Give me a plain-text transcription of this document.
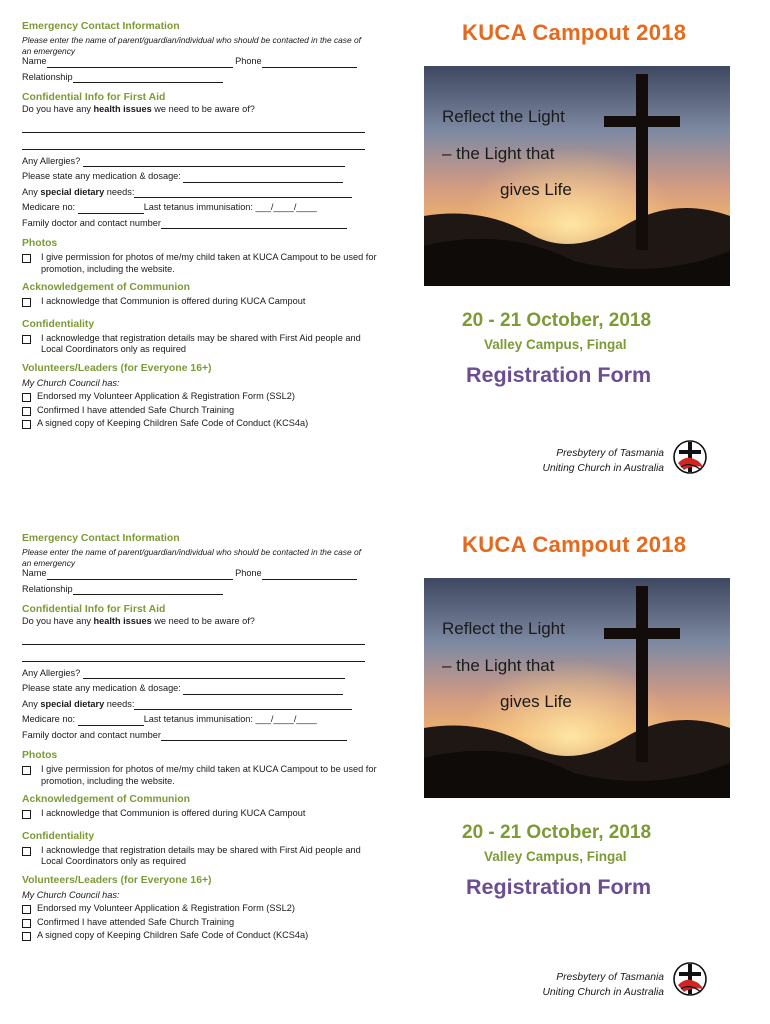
Emergency Contact Information

Please enter the name of parent/guardian/individual who should be contacted in the case of an emergency

Name	Phone

Relationship

Confidential Info for First Aid

Do you have any health issues we need to be aware of?

Any Allergies?

Please state any medication & dosage:

Any special dietary needs:

Medicare no:	Last tetanus immunisation: ___/____/____

Family doctor and contact number

Photos

I give permission for photos of me/my child taken at KUCA Campout to be used for promotion, including the website.

Acknowledgement of Communion

I acknowledge that Communion is offered during KUCA Campout

Confidentiality

I acknowledge that registration details may be shared with First Aid people and Local Coordinators only as required

Volunteers/Leaders (for Everyone 16+)

My Church Council has:

Endorsed my Volunteer Application & Registration Form (SSL2)
Confirmed I have attended Safe Church Training
A signed copy of Keeping Children Safe Code of Conduct (KCS4a)

KUCA Campout 2018

Reflect the Light
– the Light that
gives Life

20 - 21 October, 2018

Valley Campus, Fingal

Registration Form

Presbytery of Tasmania
Uniting Church in Australia

Emergency Contact Information

Please enter the name of parent/guardian/individual who should be contacted in the case of an emergency

Name	Phone

Relationship

Confidential Info for First Aid

Do you have any health issues we need to be aware of?

Any Allergies?

Please state any medication & dosage:

Any special dietary needs:

Medicare no:	Last tetanus immunisation: ___/____/____

Family doctor and contact number

Photos

I give permission for photos of me/my child taken at KUCA Campout to be used for promotion, including the website.

Acknowledgement of Communion

I acknowledge that Communion is offered during KUCA Campout

Confidentiality

I acknowledge that registration details may be shared with First Aid people and Local Coordinators only as required

Volunteers/Leaders (for Everyone 16+)

My Church Council has:

Endorsed my Volunteer Application & Registration Form (SSL2)
Confirmed I have attended Safe Church Training
A signed copy of Keeping Children Safe Code of Conduct (KCS4a)

KUCA Campout 2018

Reflect the Light
– the Light that
gives Life

20 - 21 October, 2018

Valley Campus, Fingal

Registration Form

Presbytery of Tasmania
Uniting Church in Australia
